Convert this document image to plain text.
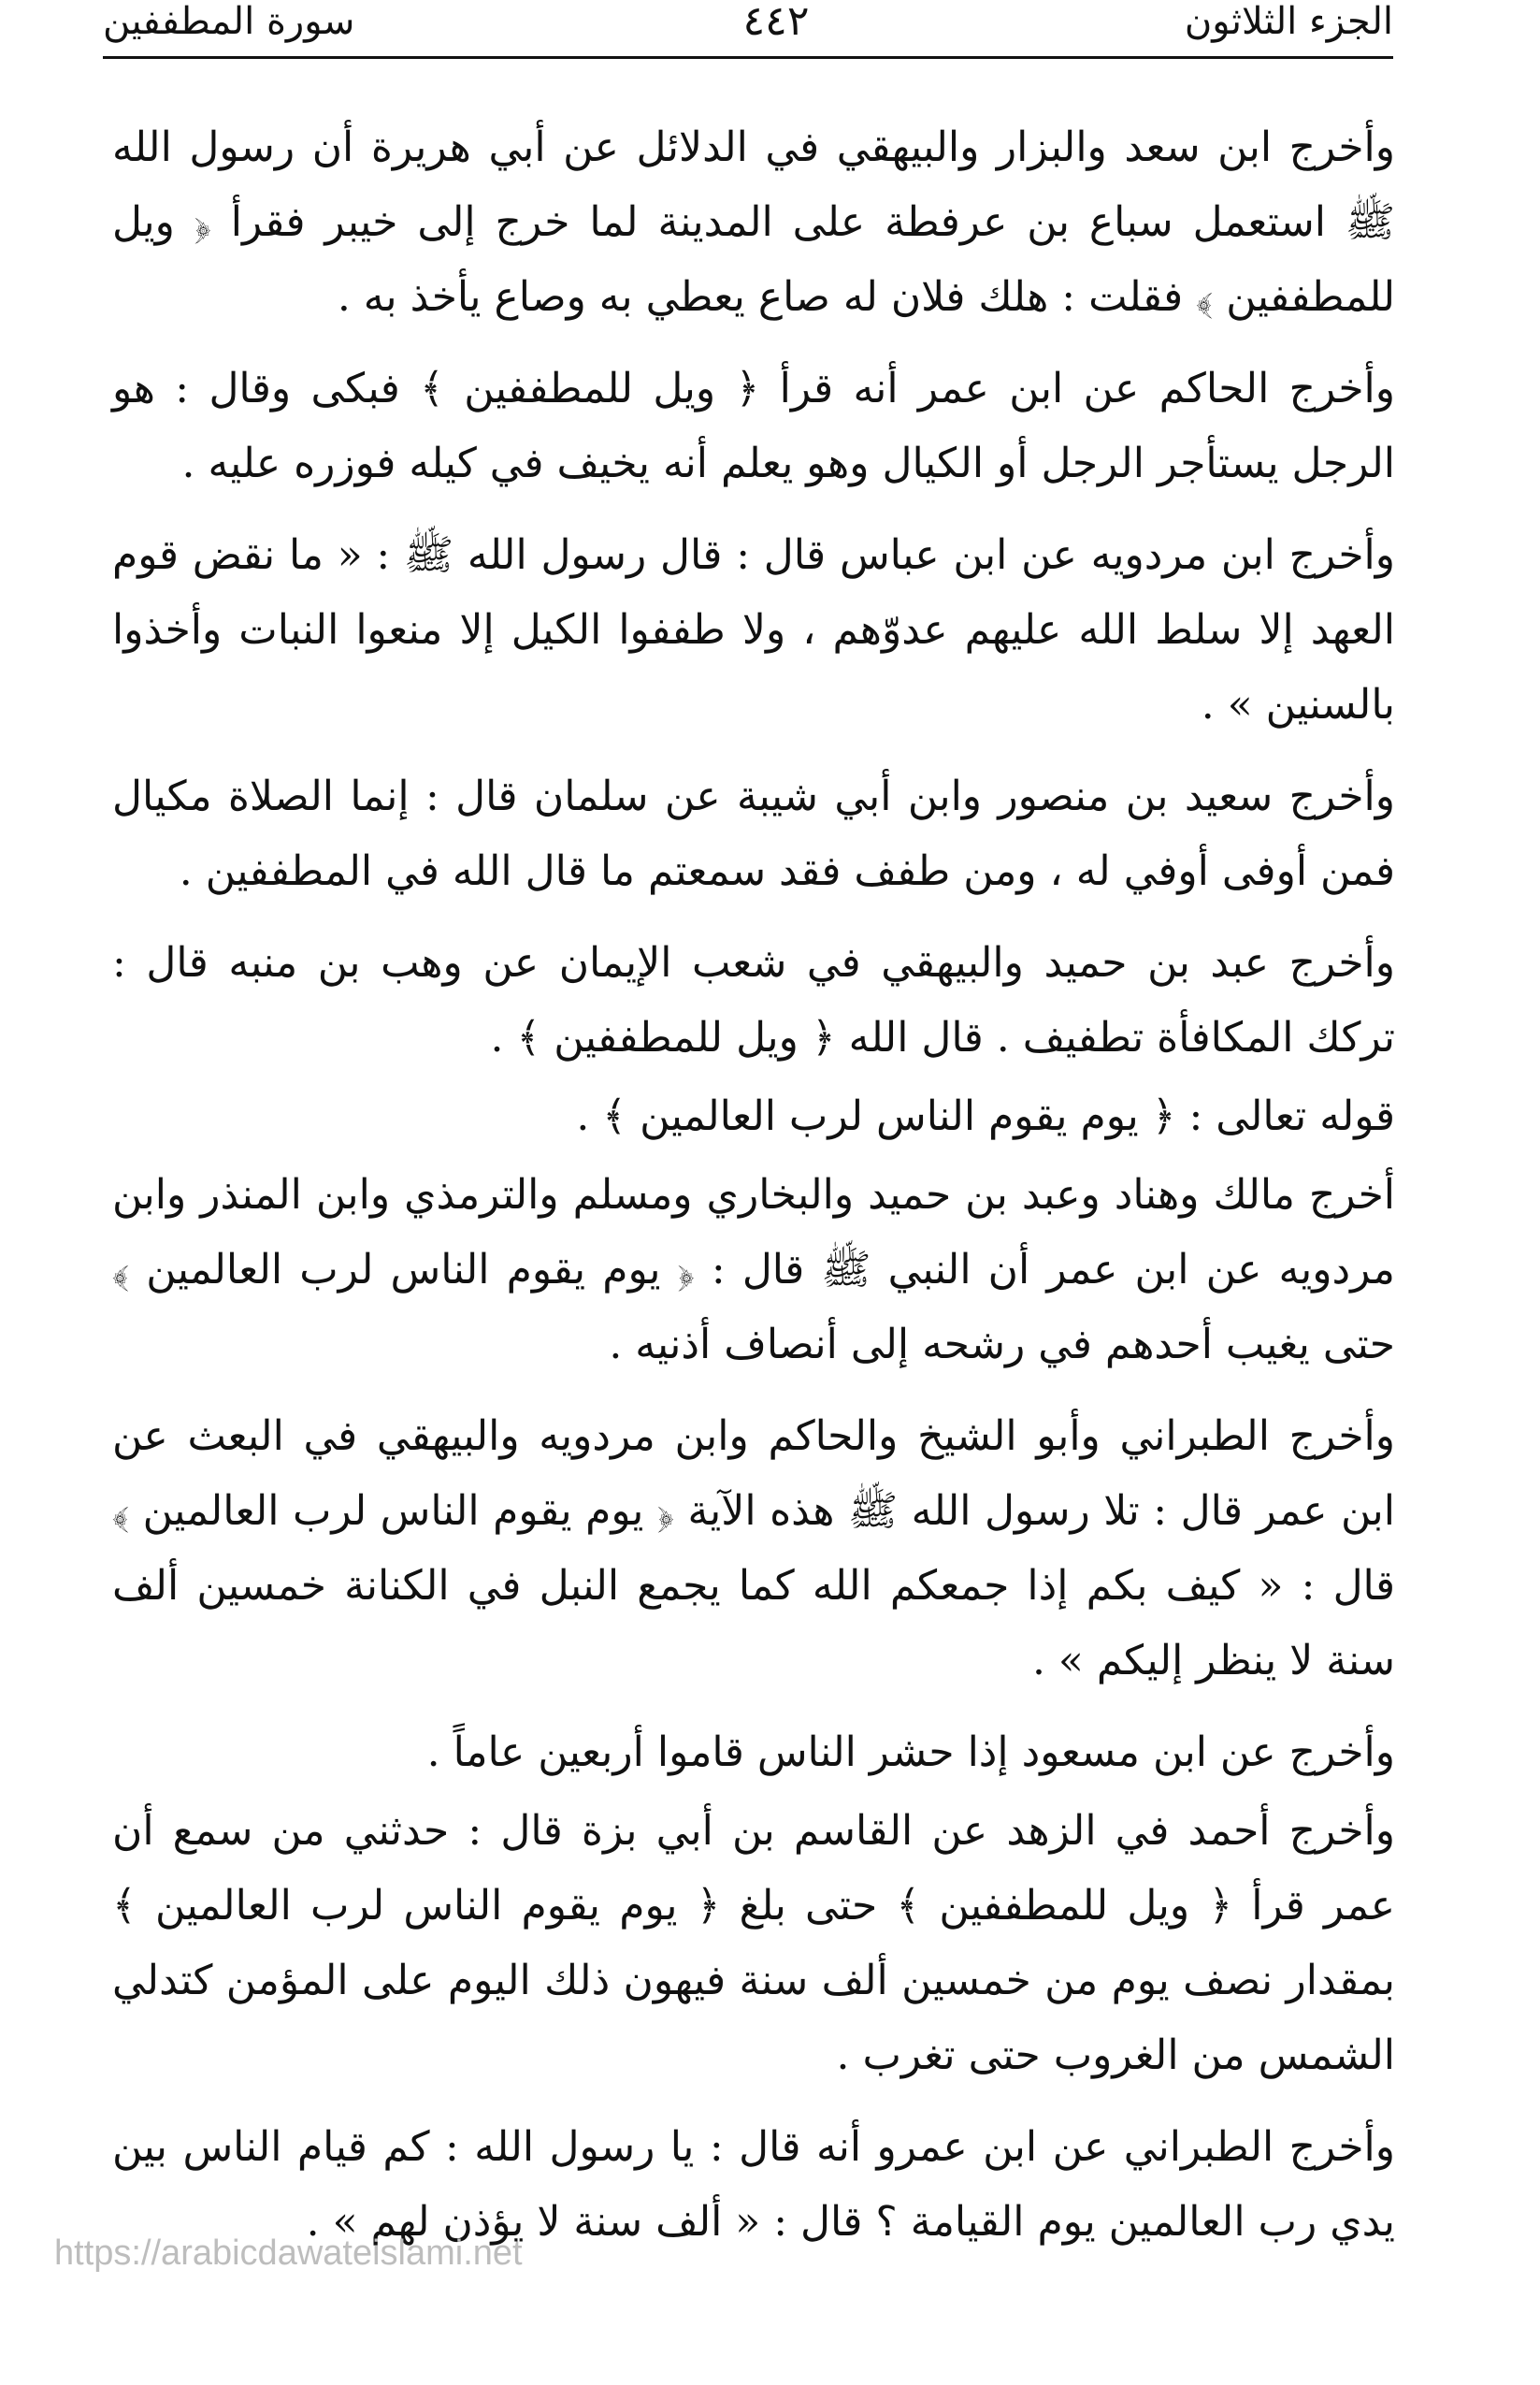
الجزء الثلاثون
٤٤٢
سورة المطففين

وأخرج ابن سعد والبزار والبيهقي في الدلائل عن أبي هريرة أن رسول الله ﷺ استعمل سباع بن عرفطة على المدينة لما خرج إلى خيبر فقرأ ﴿ ويل للمطففين ﴾ فقلت : هلك فلان له صاع يعطي به وصاع يأخذ به .

وأخرج الحاكم عن ابن عمر أنه قرأ ﴿ ويل للمطففين ﴾ فبكى وقال : هو الرجل يستأجر الرجل أو الكيال وهو يعلم أنه يخيف في كيله فوزره عليه .

وأخرج ابن مردويه عن ابن عباس قال : قال رسول الله ﷺ : « ما نقض قوم العهد إلا سلط الله عليهم عدوّهم ، ولا طففوا الكيل إلا منعوا النبات وأخذوا بالسنين » .

وأخرج سعيد بن منصور وابن أبي شيبة عن سلمان قال : إنما الصلاة مكيال فمن أوفى أوفي له ، ومن طفف فقد سمعتم ما قال الله في المطففين .

وأخرج عبد بن حميد والبيهقي في شعب الإيمان عن وهب بن منبه قال : تركك المكافأة تطفيف . قال الله ﴿ ويل للمطففين ﴾ .

قوله تعالى : ﴿ يوم يقوم الناس لرب العالمين ﴾ .

أخرج مالك وهناد وعبد بن حميد والبخاري ومسلم والترمذي وابن المنذر وابن مردويه عن ابن عمر أن النبي ﷺ قال : ﴿ يوم يقوم الناس لرب العالمين ﴾ حتى يغيب أحدهم في رشحه إلى أنصاف أذنيه .

وأخرج الطبراني وأبو الشيخ والحاكم وابن مردويه والبيهقي في البعث عن ابن عمر قال : تلا رسول الله ﷺ هذه الآية ﴿ يوم يقوم الناس لرب العالمين ﴾ قال : « كيف بكم إذا جمعكم الله كما يجمع النبل في الكنانة خمسين ألف سنة لا ينظر إليكم » .

وأخرج عن ابن مسعود إذا حشر الناس قاموا أربعين عاماً .

وأخرج أحمد في الزهد عن القاسم بن أبي بزة قال : حدثني من سمع أن عمر قرأ ﴿ ويل للمطففين ﴾ حتى بلغ ﴿ يوم يقوم الناس لرب العالمين ﴾ بمقدار نصف يوم من خمسين ألف سنة فيهون ذلك اليوم على المؤمن كتدلي الشمس من الغروب حتى تغرب .

وأخرج الطبراني عن ابن عمرو أنه قال : يا رسول الله : كم قيام الناس بين يدي رب العالمين يوم القيامة ؟ قال : « ألف سنة لا يؤذن لهم » .

https://arabicdawateislami.net
